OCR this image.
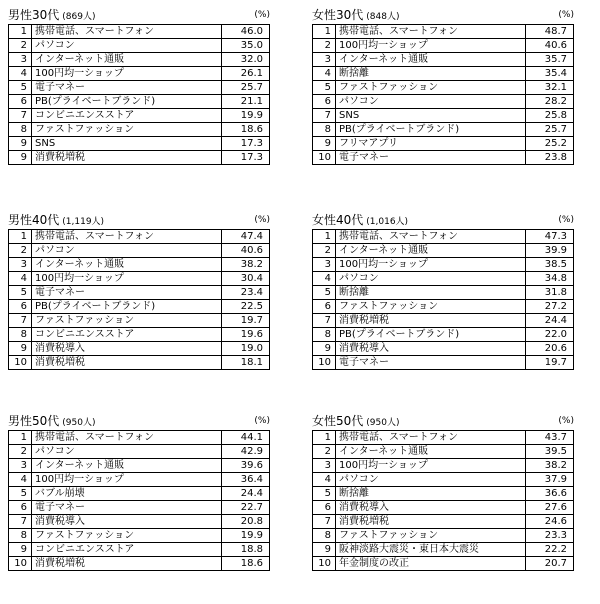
男性30代 (869人)	(%)
1	携帯電話、スマートフォン	46.0
2	パソコン	35.0
3	インターネット通販	32.0
4	100円均一ショップ	26.1
5	電子マネー	25.7
6	PB(プライベートブランド)	21.1
7	コンビニエンスストア	19.9
8	ファストファッション	18.6
9	SNS	17.3
9	消費税増税	17.3
女性30代 (848人)	(%)
1	携帯電話、スマートフォン	48.7
2	100円均一ショップ	40.6
3	インターネット通販	35.7
4	断捨離	35.4
5	ファストファッション	32.1
6	パソコン	28.2
7	SNS	25.8
8	PB(プライベートブランド)	25.7
9	フリマアプリ	25.2
10	電子マネー	23.8
男性40代 (1,119人)	(%)
1	携帯電話、スマートフォン	47.4
2	パソコン	40.6
3	インターネット通販	38.2
4	100円均一ショップ	30.4
5	電子マネー	23.4
6	PB(プライベートブランド)	22.5
7	ファストファッション	19.7
8	コンビニエンスストア	19.6
9	消費税導入	19.0
10	消費税増税	18.1
女性40代 (1,016人)	(%)
1	携帯電話、スマートフォン	47.3
2	インターネット通販	39.9
3	100円均一ショップ	38.5
4	パソコン	34.8
5	断捨離	31.8
6	ファストファッション	27.2
7	消費税増税	24.4
8	PB(プライベートブランド)	22.0
9	消費税導入	20.6
10	電子マネー	19.7
男性50代 (950人)	(%)
1	携帯電話、スマートフォン	44.1
2	パソコン	42.9
3	インターネット通販	39.6
4	100円均一ショップ	36.4
5	バブル崩壊	24.4
6	電子マネー	22.7
7	消費税導入	20.8
8	ファストファッション	19.9
9	コンビニエンスストア	18.8
10	消費税増税	18.6
女性50代 (950人)	(%)
1	携帯電話、スマートフォン	43.7
2	インターネット通販	39.5
3	100円均一ショップ	38.2
4	パソコン	37.9
5	断捨離	36.6
6	消費税導入	27.6
7	消費税増税	24.6
8	ファストファッション	23.3
9	阪神淡路大震災・東日本大震災	22.2
10	年金制度の改正	20.7
